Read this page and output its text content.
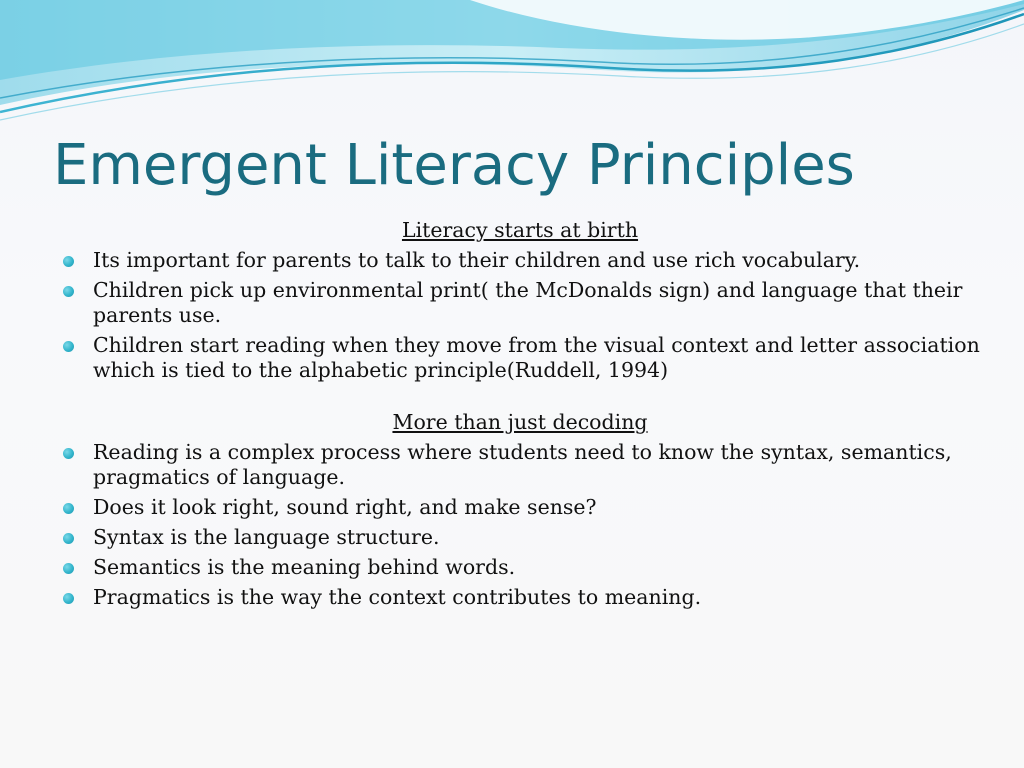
Emergent Literacy Principles
Literacy starts at birth
Its important for parents to talk to their children and use rich vocabulary.
Children pick up environmental print( the McDonalds sign) and language that their parents use.
Children start reading when they move from the visual context and letter association which is tied to the alphabetic principle(Ruddell, 1994)
More than just decoding
Reading is a complex process where students need to know the syntax, semantics, pragmatics of language.
Does it look right, sound right, and make sense?
Syntax is the language structure.
Semantics is the meaning behind words.
Pragmatics is the way the context contributes to meaning.
